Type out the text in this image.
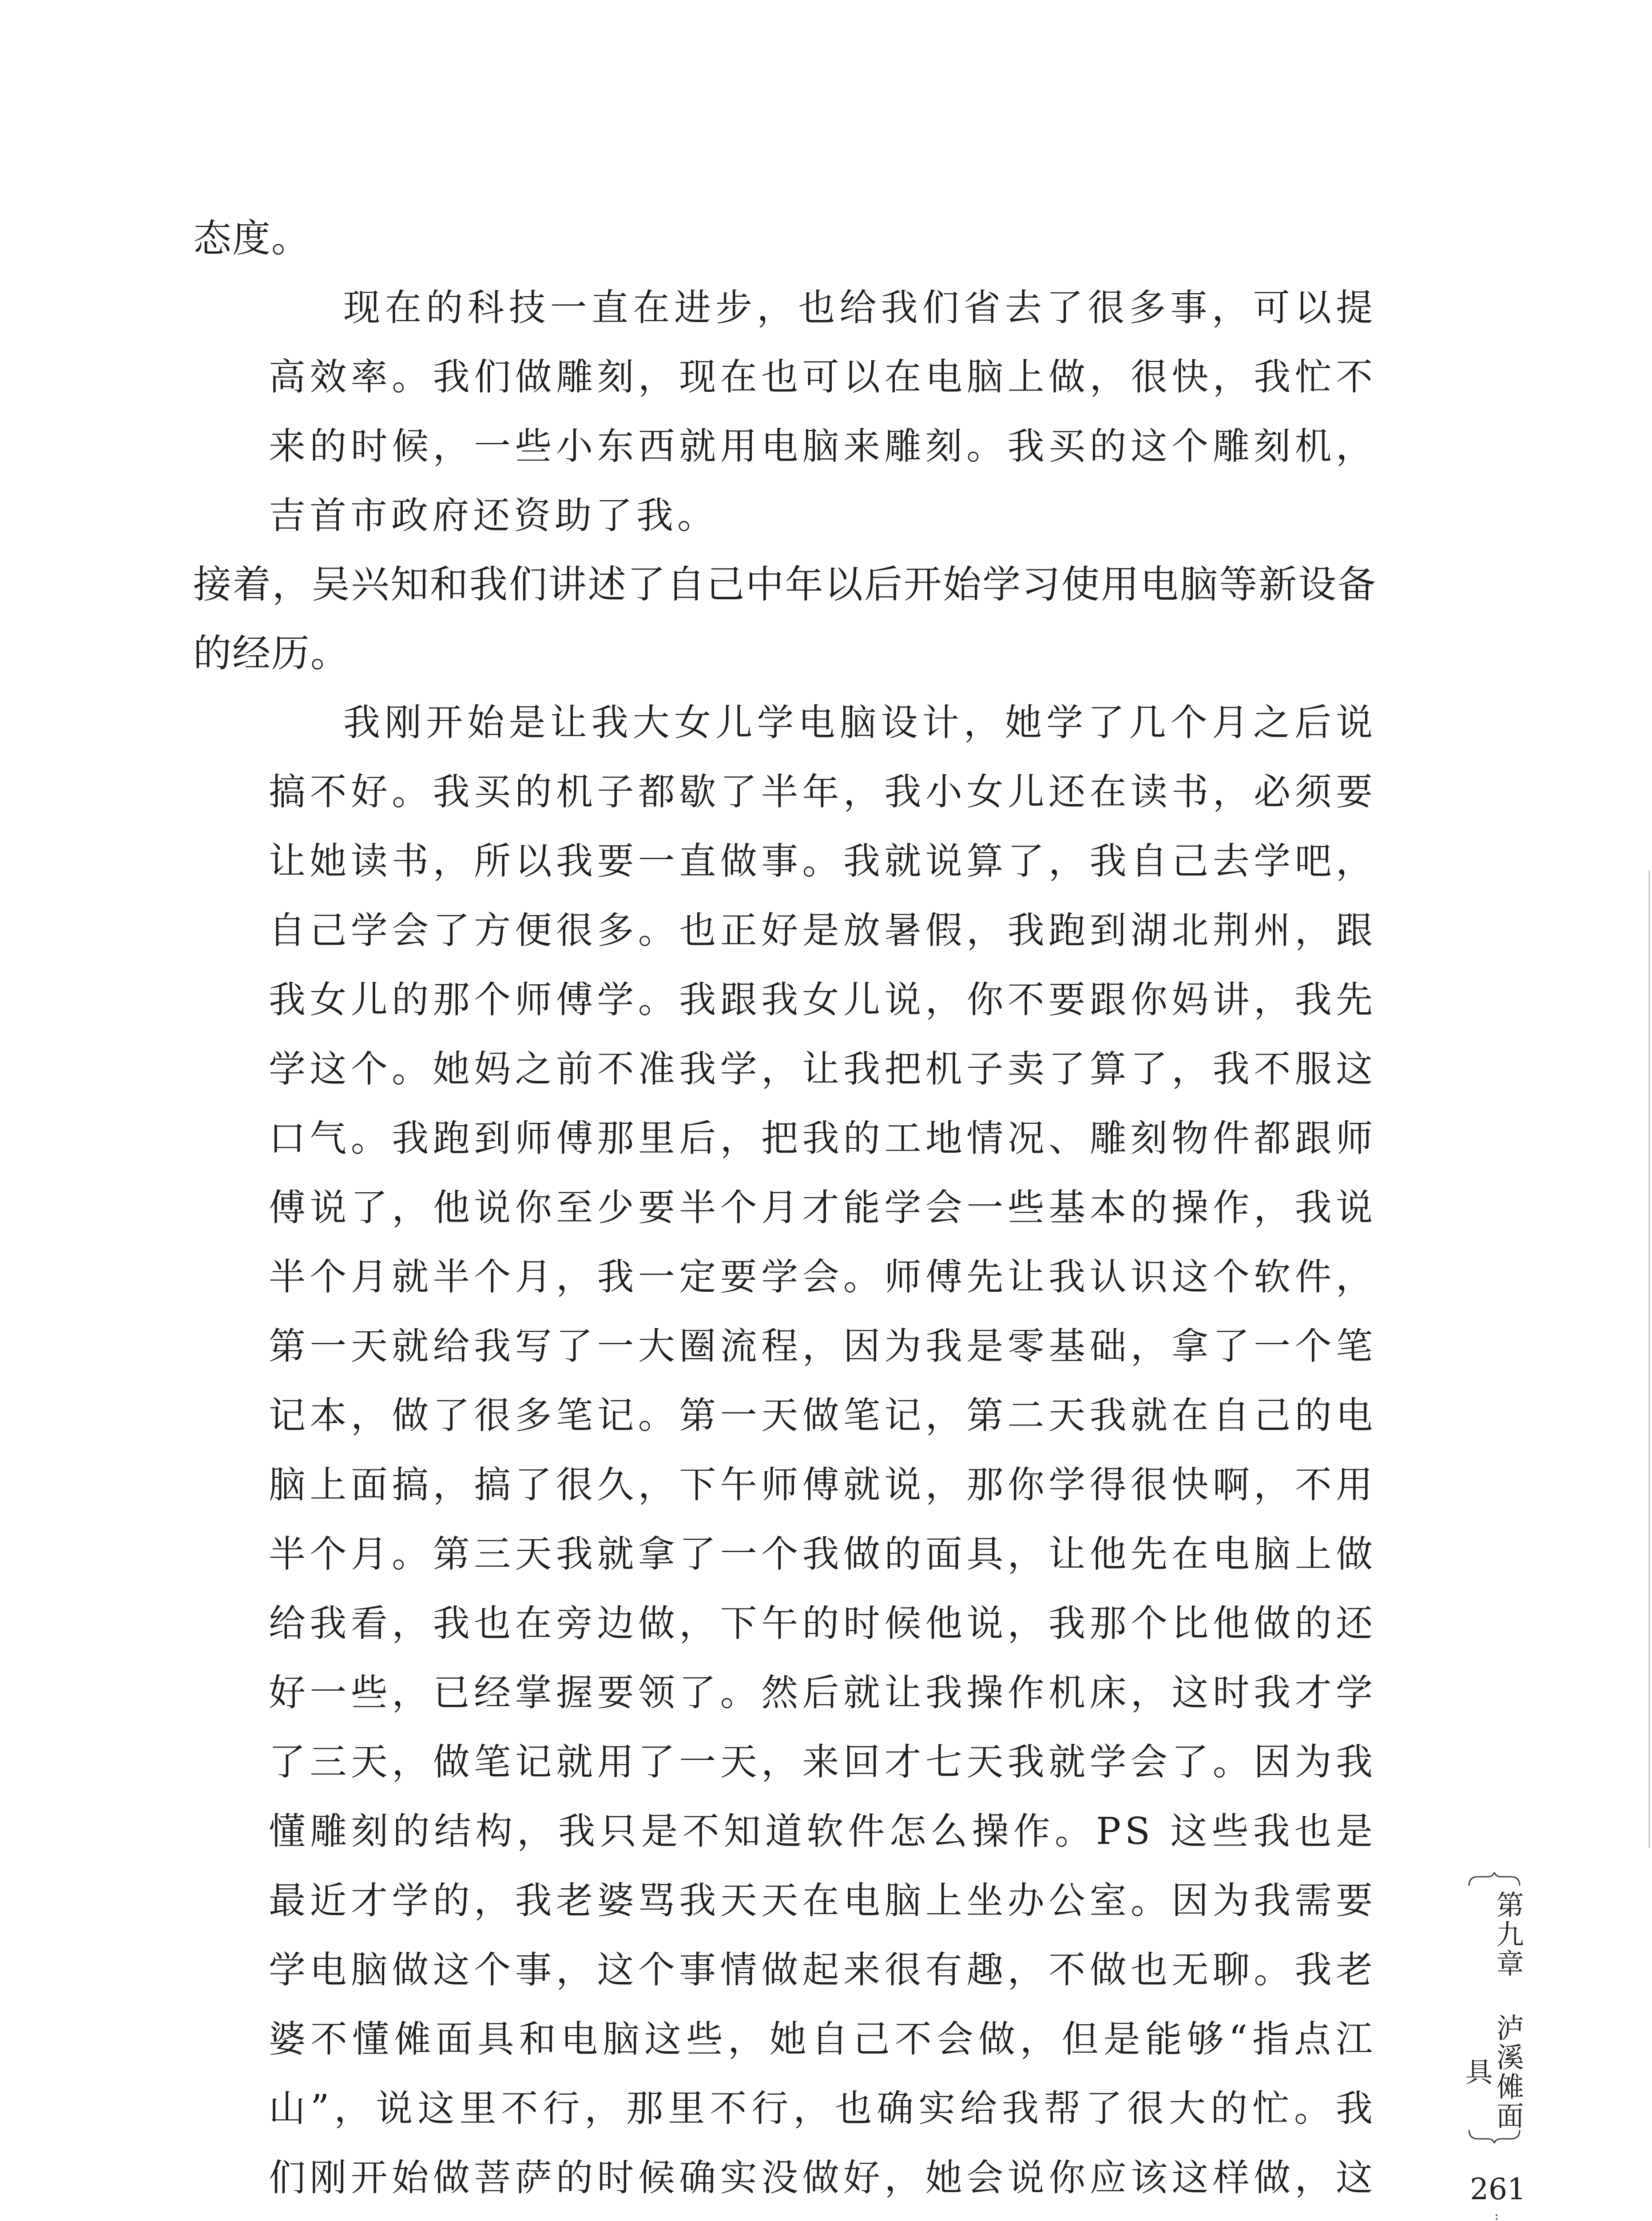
态度。

现在的科技一直在进步，也给我们省去了很多事，可以提高效率。我们做雕刻，现在也可以在电脑上做，很快，我忙不来的时候，一些小东西就用电脑来雕刻。我买的这个雕刻机，吉首市政府还资助了我。

接着，吴兴知和我们讲述了自己中年以后开始学习使用电脑等新设备的经历。

我刚开始是让我大女儿学电脑设计，她学了几个月之后说搞不好。我买的机子都歇了半年，我小女儿还在读书，必须要让她读书，所以我要一直做事。我就说算了，我自己去学吧，自己学会了方便很多。也正好是放暑假，我跑到湖北荆州，跟我女儿的那个师傅学。我跟我女儿说，你不要跟你妈讲，我先学这个。她妈之前不准我学，让我把机子卖了算了，我不服这口气。我跑到师傅那里后，把我的工地情况、雕刻物件都跟师傅说了，他说你至少要半个月才能学会一些基本的操作，我说半个月就半个月，我一定要学会。师傅先让我认识这个软件，第一天就给我写了一大圈流程，因为我是零基础，拿了一个笔记本，做了很多笔记。第一天做笔记，第二天我就在自己的电脑上面搞，搞了很久，下午师傅就说，那你学得很快啊，不用半个月。第三天我就拿了一个我做的面具，让他先在电脑上做给我看，我也在旁边做，下午的时候他说，我那个比他做的还好一些，已经掌握要领了。然后就让我操作机床，这时我才学了三天，做笔记就用了一天，来回才七天我就学会了。因为我懂雕刻的结构，我只是不知道软件怎么操作。PS 这些我也是最近才学的，我老婆骂我天天在电脑上坐办公室。因为我需要学电脑做这个事，这个事情做起来很有趣，不做也无聊。我老婆不懂傩面具和电脑这些，她自己不会做，但是能够“指点江山”，说这里不行，那里不行，也确实给我帮了很大的忙。我们刚开始做菩萨的时候确实没做好，她会说你应该这样做，这

第九章
泸溪傩面具
261
